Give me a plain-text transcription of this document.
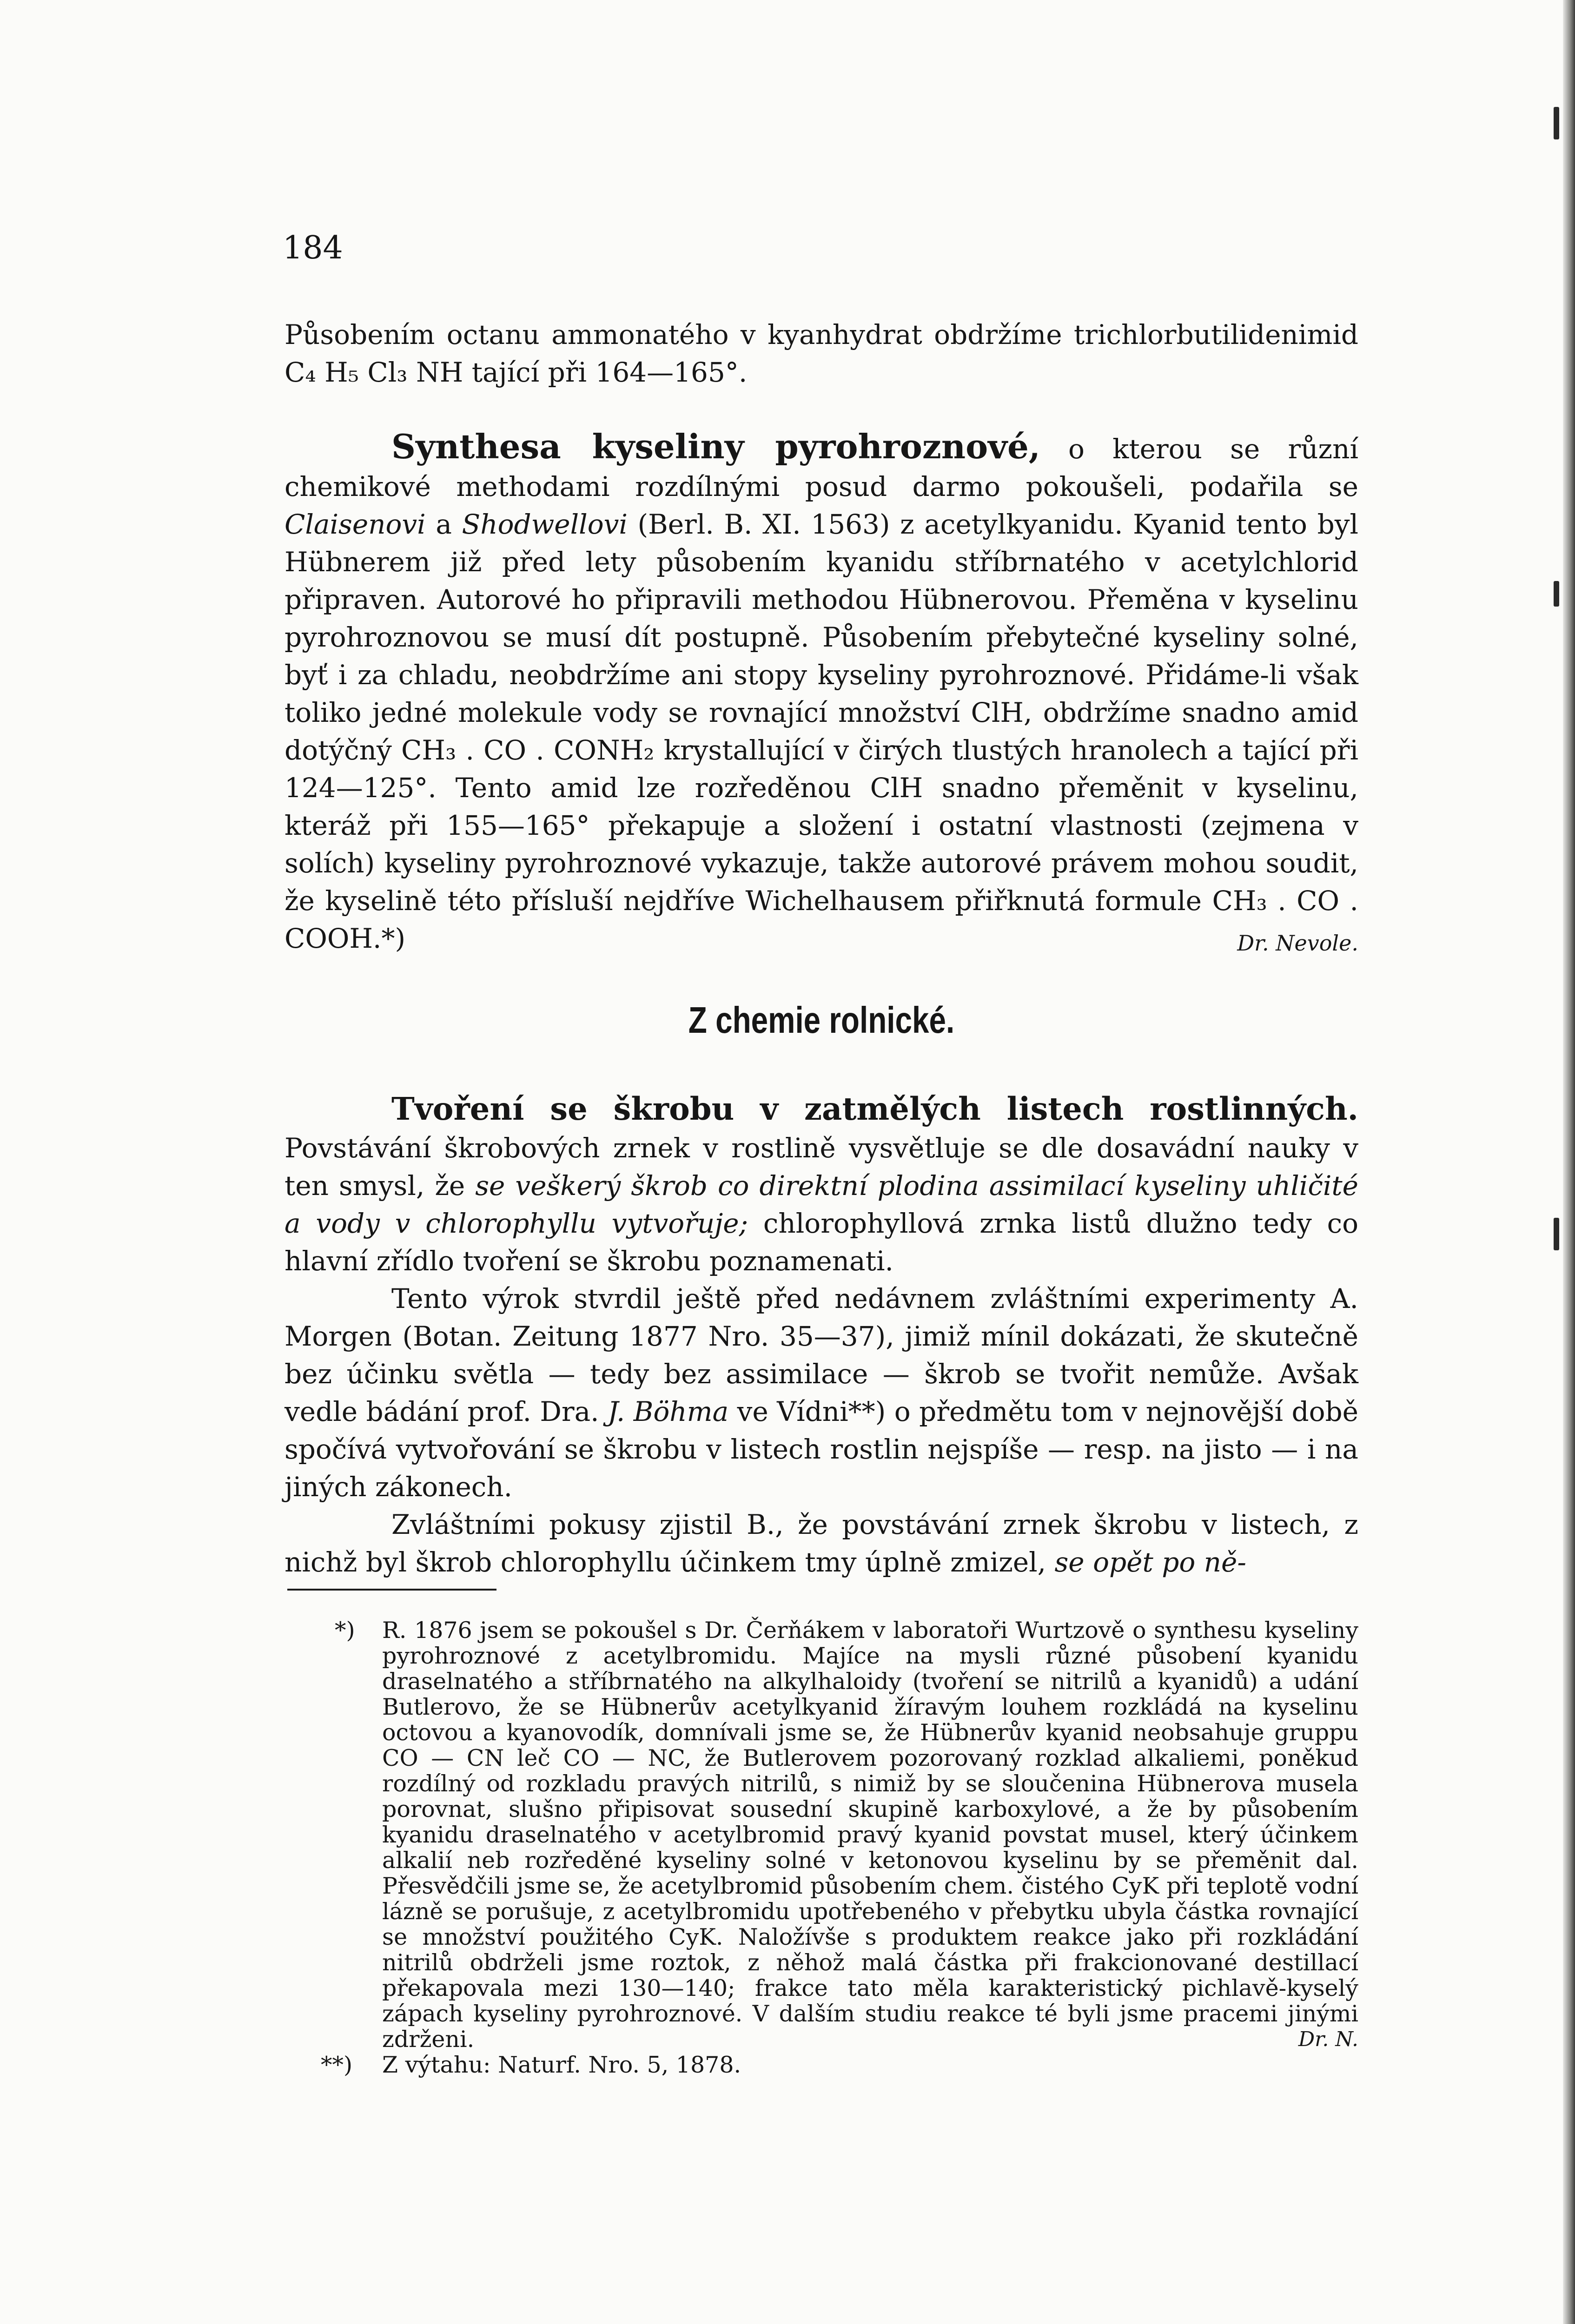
184

Působením octanu ammonatého v kyanhydrat obdržíme trichlorbutilidenimid C₄ H₅ Cl₃ NH tající při 164—165°.

Synthesa kyseliny pyrohroznové, o kterou se různí chemikové methodami rozdílnými posud darmo pokoušeli, podařila se Claisenovi a Shodwellovi (Berl. B. XI. 1563) z acetylkyanidu. Kyanid tento byl Hübnerem již před lety působením kyanidu stříbrnatého v acetylchlorid připraven. Autorové ho připravili methodou Hübnerovou. Přeměna v kyselinu pyrohroznovou se musí dít postupně. Působením přebytečné kyseliny solné, byť i za chladu, neobdržíme ani stopy kyseliny pyrohroznové. Přidáme-li však toliko jedné molekule vody se rovnající množství ClH, obdržíme snadno amid dotýčný CH₃ . CO . CONH₂ krystallující v čirých tlustých hranolech a tající při 124—125°. Tento amid lze rozředěnou ClH snadno přeměnit v kyselinu, kteráž při 155—165° překapuje a složení i ostatní vlastnosti (zejmena v solích) kyseliny pyrohroznové vykazuje, takže autorové právem mohou soudit, že kyselině této přísluší nejdříve Wichelhausem přiřknutá formule CH₃ . CO . COOH.*)	Dr. Nevole.

Z chemie rolnické.

Tvoření se škrobu v zatmělých listech rostlinných. Povstávání škrobových zrnek v rostlině vysvětluje se dle dosavádní nauky v ten smysl, že se veškerý škrob co direktní plodina assimilací kyseliny uhličité a vody v chlorophyllu vytvořuje; chlorophyllová zrnka listů dlužno tedy co hlavní zřídlo tvoření se škrobu poznamenati.

Tento výrok stvrdil ještě před nedávnem zvláštními experimenty A. Morgen (Botan. Zeitung 1877 Nro. 35—37), jimiž mínil dokázati, že skutečně bez účinku světla — tedy bez assimilace — škrob se tvořit nemůže. Avšak vedle bádání prof. Dra. J. Böhma ve Vídni**) o předmětu tom v nejnovější době spočívá vytvořování se škrobu v listech rostlin nejspíše — resp. na jisto — i na jiných zákonech.

Zvláštními pokusy zjistil B., že povstávání zrnek škrobu v listech, z nichž byl škrob chlorophyllu účinkem tmy úplně zmizel, se opět po ně-

*) R. 1876 jsem se pokoušel s Dr. Čerňákem v laboratoři Wurtzově o synthesu kyseliny pyrohroznové z acetylbromidu. Majíce na mysli různé působení kyanidu draselnatého a stříbrnatého na alkylhaloidy (tvoření se nitrilů a kyanidů) a udání Butlerovo, že se Hübnerův acetylkyanid žíravým louhem rozkládá na kyselinu octovou a kyanovodík, domnívali jsme se, že Hübnerův kyanid neobsahuje gruppu CO — CN leč CO — NC, že Butlerovem pozorovaný rozklad alkaliemi, poněkud rozdílný od rozkladu pravých nitrilů, s nimiž by se sloučenina Hübnerova musela porovnat, slušno připisovat sousední skupině karboxylové, a že by působením kyanidu draselnatého v acetylbromid pravý kyanid povstat musel, který účinkem alkalií neb rozředěné kyseliny solné v ketonovou kyselinu by se přeměnit dal. Přesvědčili jsme se, že acetylbromid působením chem. čistého CyK při teplotě vodní lázně se porušuje, z acetylbromidu upotřebeného v přebytku ubyla částka rovnající se množství použitého CyK. Naložívše s produktem reakce jako při rozkládání nitrilů obdrželi jsme roztok, z něhož malá částka při frakcionované destillací překapovala mezi 130—140; frakce tato měla karakteristický pichlavě-kyselý zápach kyseliny pyrohroznové. V dalším studiu reakce té byli jsme pracemi jinými zdrženi.	Dr. N.

**) Z výtahu: Naturf. Nro. 5, 1878.
